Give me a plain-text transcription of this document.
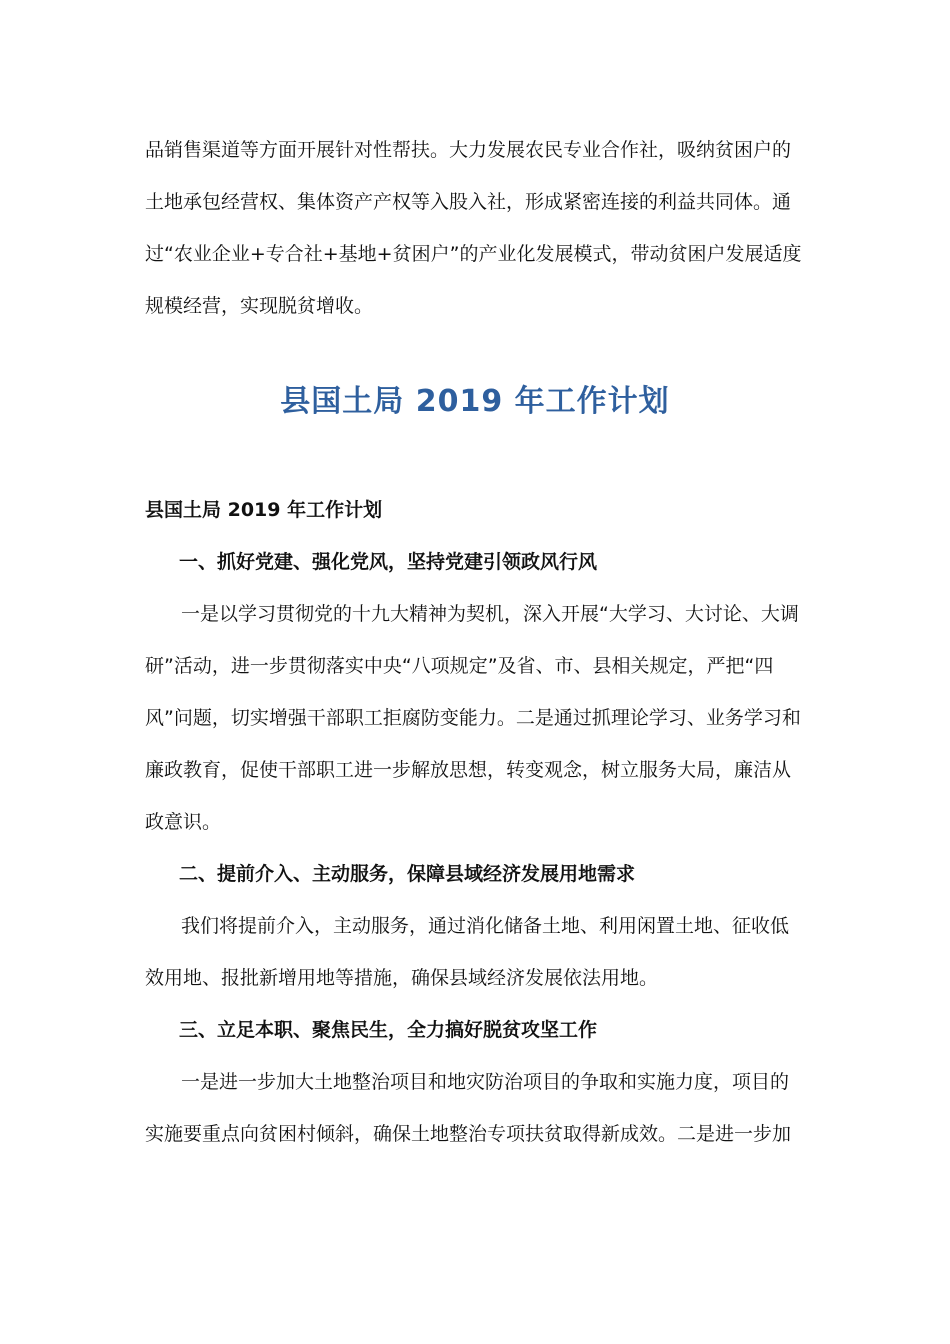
品销售渠道等方面开展针对性帮扶。大力发展农民专业合作社，吸纳贫困户的土地承包经营权、集体资产产权等入股入社，形成紧密连接的利益共同体。通过“农业企业+专合社+基地+贫困户”的产业化发展模式，带动贫困户发展适度规模经营，实现脱贫增收。

县国土局 2019 年工作计划

县国土局 2019 年工作计划

一、抓好党建、强化党风，坚持党建引领政风行风

一是以学习贯彻党的十九大精神为契机，深入开展“大学习、大讨论、大调研”活动，进一步贯彻落实中央“八项规定”及省、市、县相关规定，严把“四风”问题，切实增强干部职工拒腐防变能力。二是通过抓理论学习、业务学习和廉政教育，促使干部职工进一步解放思想，转变观念，树立服务大局，廉洁从政意识。

二、提前介入、主动服务，保障县域经济发展用地需求

我们将提前介入，主动服务，通过消化储备土地、利用闲置土地、征收低效用地、报批新增用地等措施，确保县域经济发展依法用地。

三、立足本职、聚焦民生，全力搞好脱贫攻坚工作

一是进一步加大土地整治项目和地灾防治项目的争取和实施力度，项目的实施要重点向贫困村倾斜，确保土地整治专项扶贫取得新成效。二是进一步加
